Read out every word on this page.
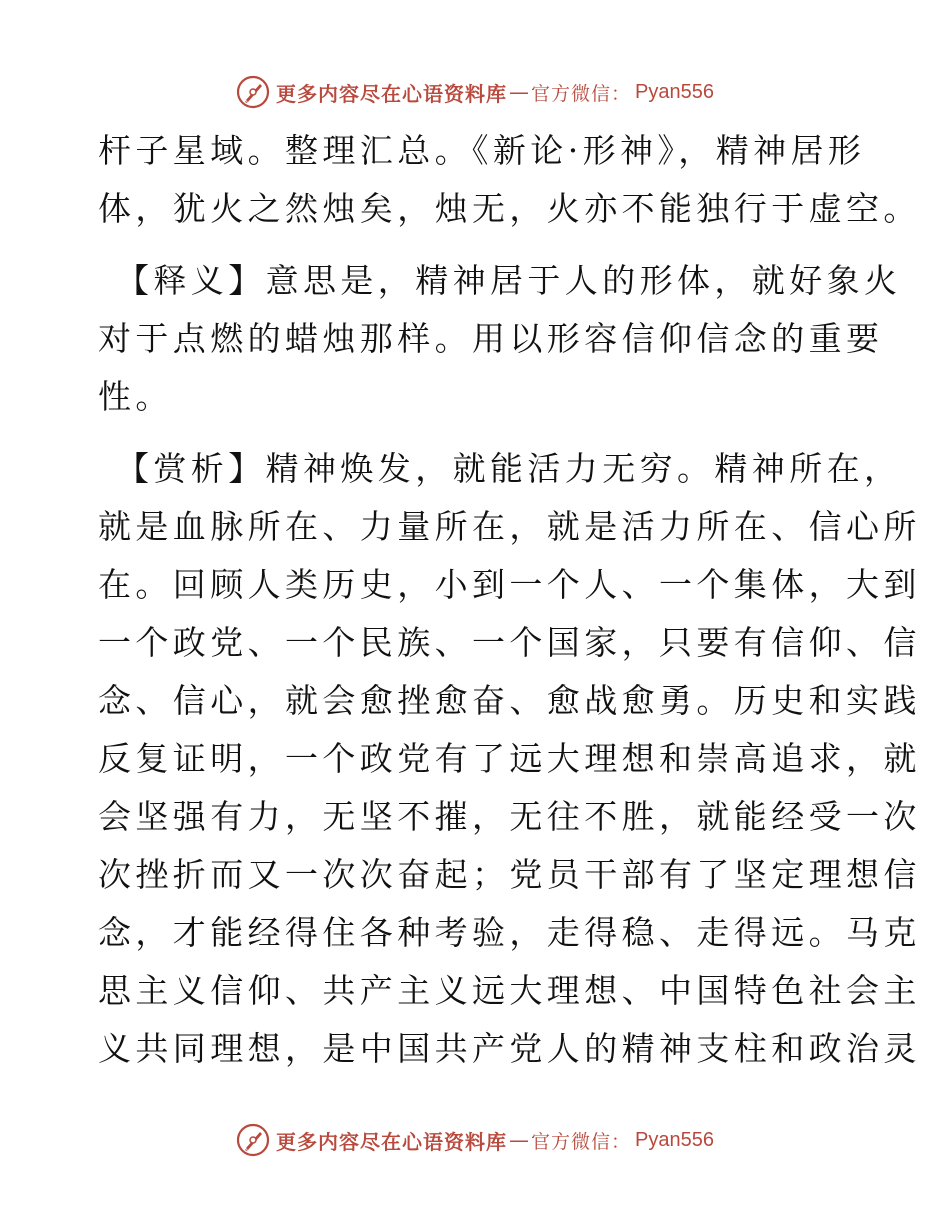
更多内容尽在心语资料库 — 官方微信： Pyan556

杆子星域。整理汇总。《新论·形神》，精神居形
体，犹火之然烛矣，烛无，火亦不能独行于虚空。

【释义】意思是，精神居于人的形体，就好象火
对于点燃的蜡烛那样。用以形容信仰信念的重要
性。

【赏析】精神焕发，就能活力无穷。精神所在，
就是血脉所在、力量所在，就是活力所在、信心所
在。回顾人类历史，小到一个人、一个集体，大到
一个政党、一个民族、一个国家，只要有信仰、信
念、信心，就会愈挫愈奋、愈战愈勇。历史和实践
反复证明，一个政党有了远大理想和崇高追求，就
会坚强有力，无坚不摧，无往不胜，就能经受一次
次挫折而又一次次奋起；党员干部有了坚定理想信
念，才能经得住各种考验，走得稳、走得远。马克
思主义信仰、共产主义远大理想、中国特色社会主
义共同理想，是中国共产党人的精神支柱和政治灵

更多内容尽在心语资料库 — 官方微信： Pyan556
